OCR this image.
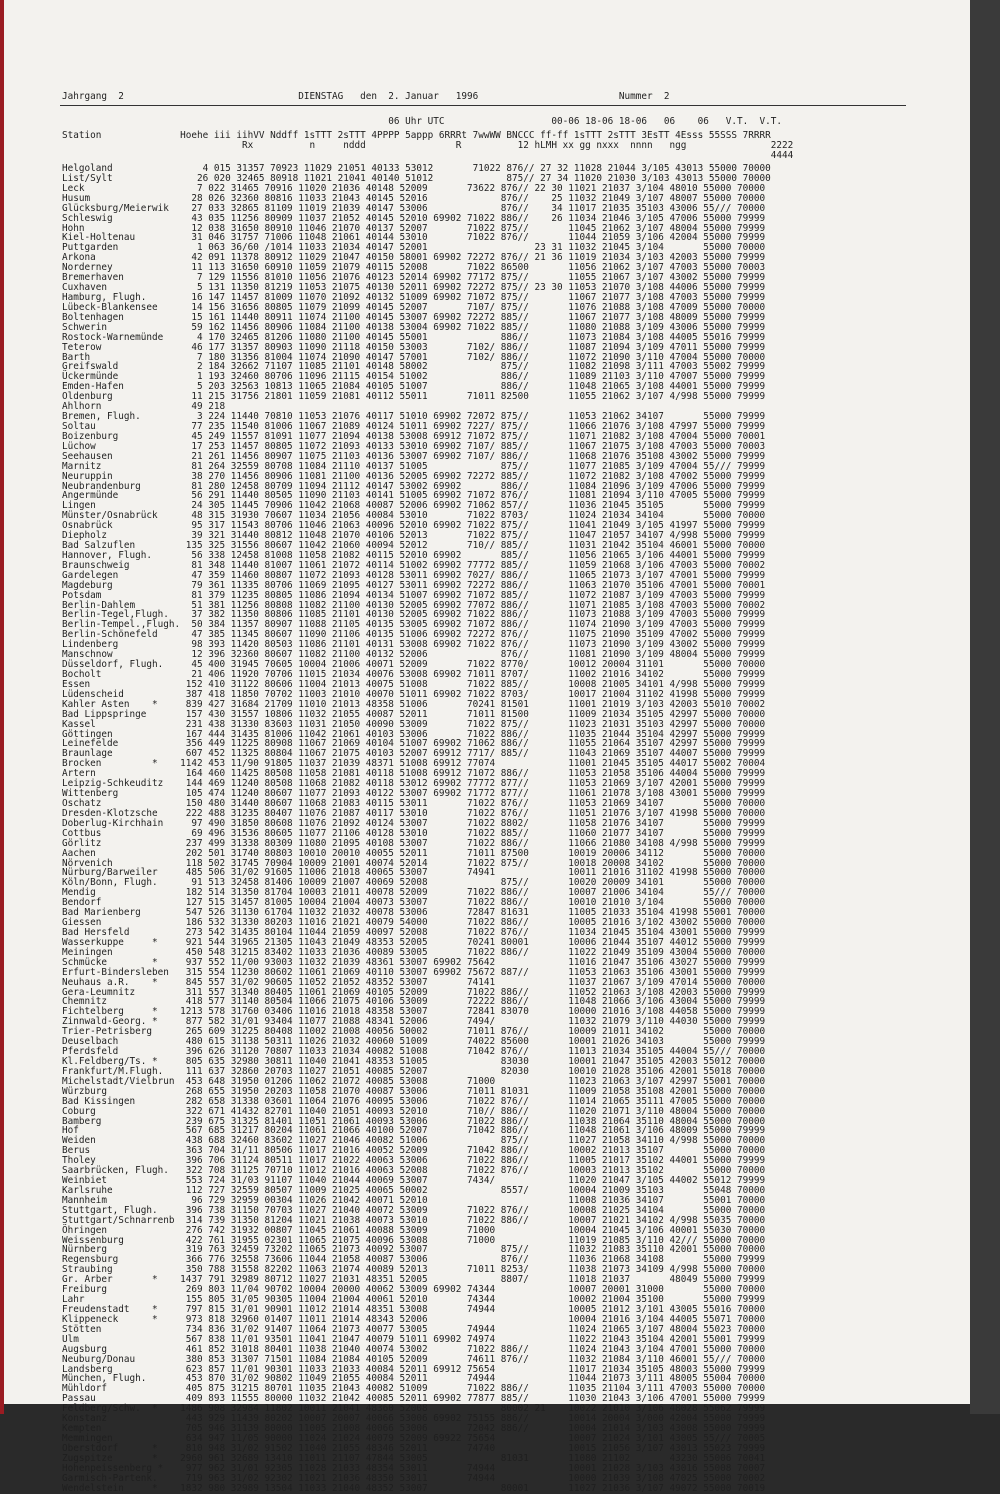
Jahrgang  2                               DIENSTAG   den  2. Januar   1996                         Nummer  2
06 Uhr UTC                   00-06 18-06 18-06   06    06   V.T.  V.T.
Station              Hoehe iii iihVV Nddff 1sTTT 2sTTT 4PPPP 5appp 6RRRt 7wwWW BNCCC ff-ff 1sTTT 2sTTT 3EsTT 4Esss 55SSS 7RRRR
Rx          n     nddd                R          12 hLMH xx gg nxxx  nnnn   ngg               2222
4444
Helgoland                4 015 31357 70923 11029 21051 40133 53012       71022 876// 27 32 11028 21044 3/105 43013 55000 70000
List/Sylt               26 020 32465 80918 11021 21041 40140 51012             875// 27 34 11020 21030 3/103 43013 55000 70000
Leck                    7 022 31465 70916 11020 21036 40148 52009       73622 876// 22 30 11021 21037 3/104 48010 55000 70000
Husum                  28 026 32360 80816 11033 21043 40145 52016             876//    25 11032 21049 3/107 48007 55000 70000
Glücksburg/Meierwik    27 033 32865 81109 11019 21039 40147 53006             876//    34 11017 21035 35103 43006 55/// 70000
Schleswig              43 035 11256 80909 11037 21052 40145 52010 69902 71022 886//    26 11034 21046 3/105 47006 55000 79999
Hohn                   12 038 31650 80910 11046 21070 40137 52007       71022 875//       11045 21062 3/107 48004 55000 79999
Kiel-Holtenau          31 046 31757 71006 11048 21061 40144 53010       71022 876//       11044 21059 3/106 42004 55000 79999
Puttgarden              1 063 36/60 /1014 11033 21034 40147 52001                   23 31 11032 21045 3/104       55000 70000
Arkona                 42 091 11378 80912 11029 21047 40150 58001 69902 72272 876// 21 36 11019 21034 3/103 42003 55000 79999
Norderney              11 113 31650 60910 11059 21079 40115 52008       71022 86500       11056 21062 3/107 47003 55000 70003
Bremerhaven             7 129 11556 81010 11056 21076 40123 52014 69902 77172 875//       11055 21067 3/107 43002 55000 79999
Cuxhaven                5 131 11350 81219 11053 21075 40130 52011 69902 72272 875// 23 30 11053 21070 3/108 44006 55000 79999
Hamburg, Flugh.        16 147 11457 81009 11070 21092 40132 51009 69902 71072 875//       11067 21077 3/108 47003 55000 79999
Lübeck-Blankensee      14 156 31656 80805 11079 21099 40145 52007       7107/ 875//       11076 21088 3/108 47009 55000 70000
Boltenhagen            15 161 11440 80911 11074 21100 40145 53007 69902 72272 885//       11067 21077 3/108 48009 55000 79999
Schwerin               59 162 11456 80906 11084 21100 40138 53004 69902 71022 885//       11080 21088 3/109 43006 55000 79999
Rostock-Warnemünde      4 170 32465 81206 11080 21100 40145 55001             886//       11073 21084 3/108 44005 55016 79999
Teterow                46 177 31357 80903 11090 21118 40150 53003       7102/ 886//       11087 21094 3/109 47011 55000 79999
Barth                   7 180 31356 81004 11074 21090 40147 57001       7102/ 886//       11072 21090 3/110 47004 55000 70000
Greifswald              2 184 32662 71107 11085 21101 40148 58002             875//       11082 21098 3/111 47003 55002 79999
Ückermünde              1 193 32460 80706 11096 21115 40154 51002             886//       11089 21103 3/110 47007 55000 79999
Emden-Hafen             5 203 32563 10813 11065 21084 40105 51007             886//       11048 21065 3/108 44001 55000 79999
Oldenburg              11 215 31756 21801 11059 21081 40112 55011       71011 82500       11055 21062 3/107 4/998 55000 79999
Ahlhorn                49 218
Bremen, Flugh.          3 224 11440 70810 11053 21076 40117 51010 69902 72072 875//       11053 21062 34107       55000 79999
Soltau                 77 235 11540 81006 11067 21089 40124 51011 69902 7227/ 875//       11066 21076 3/108 47997 55000 79999
Boizenburg             45 249 11557 81091 11077 21094 40138 53008 69912 71072 875//       11071 21082 3/108 47004 55000 70001
Lüchow                 17 253 11457 80805 11072 21093 40133 53010 69902 7107/ 885//       11067 21075 3/108 47003 55000 70003
Seehausen              21 261 11456 80907 11075 21103 40136 53007 69902 7107/ 886//       11068 21076 35108 43002 55000 79999
Marnitz                81 264 32559 80708 11084 21110 40137 51005             875//       11077 21085 3/109 47004 55/// 79999
Neuruppin              38 270 11456 80906 11081 21100 40136 52005 69902 72272 885//       11072 21082 3/108 47002 55000 79999
Neubrandenburg         81 280 12458 80709 11094 21112 40147 53002 69902       886//       11084 21096 3/109 47006 55000 79999
Angermünde             56 291 11440 80505 11090 21103 40141 51005 69902 71072 876//       11081 21094 3/110 47005 55000 79999
Lingen                 24 305 11445 70906 11042 21068 40087 52006 69902 71062 857//       11036 21045 35105       55000 79999
Münster/Osnabrück      48 315 31930 70607 11034 21056 40084 53010       71022 8703/       11024 21034 34104       55000 70000
Osnabrück              95 317 11543 80706 11046 21063 40096 52010 69902 71022 875//       11041 21049 3/105 41997 55000 79999
Diepholz               39 321 31440 80812 11048 21070 40106 52013       71022 875//       11047 21057 34107 4/998 55000 79999
Bad Salzuflen         135 325 31556 80607 11042 21060 40094 52012       710// 885//       11031 21042 35104 46001 55000 70000
Hannover, Flugh.       56 338 12458 81008 11058 21082 40115 52010 69902       885//       11056 21065 3/106 44001 55000 79999
Braunschweig           81 348 11440 81007 11061 21072 40114 51002 69902 77772 885//       11059 21068 3/106 47003 55000 70002
Gardelegen             47 359 11460 80807 11072 21093 40128 53011 69902 7027/ 886//       11065 21073 3/107 47001 55000 79999
Magdeburg              79 361 11335 80706 11069 21095 40127 53011 69902 72272 886//       11063 21070 35106 47001 55000 70001
Potsdam                81 379 11235 80805 11086 21094 40134 51007 69902 71072 885//       11072 21087 3/109 47003 55000 79999
Berlin-Dahlem          51 381 11256 80808 11082 21100 40130 52005 69902 77072 886//       11071 21085 3/108 47003 55000 70002
Berlin-Tegel,Flugh.    37 382 11350 80806 11085 21101 40130 52005 69902 71022 886//       11073 21088 3/109 47003 55000 79999
Berlin-Tempel.,Flugh.  50 384 11357 80907 11088 21105 40135 53005 69902 71072 886//       11074 21090 3/109 47003 55000 79999
Berlin-Schönefeld      47 385 11345 80607 11090 21106 40135 51006 69902 72272 876//       11075 21090 35109 47002 55000 79999
Lindenberg             98 393 11420 80503 11086 21101 40131 53008 69902 71022 876//       11073 21090 3/109 43002 55000 79999
Manschnow              12 396 32360 80607 11082 21100 40132 52006             876//       11081 21090 3/109 48004 55000 79999
Düsseldorf, Flugh.     45 400 31945 70605 10004 21006 40071 52009       71022 8770/       10012 20004 31101       55000 70000
Bocholt                21 406 11920 70706 11015 21034 40076 53008 69902 71011 8707/       11002 21016 34102       55000 79999
Essen                 152 410 31122 80606 11004 21013 40075 51008       71022 885//       10008 21005 34101 4/998 55000 79999
Lüdenscheid           387 418 11850 70702 11003 21010 40070 51011 69902 71022 8703/       10017 21004 31102 41998 55000 79999
Kahler Asten    *     839 427 31684 21709 11010 21013 48358 51006       70241 81501       11001 21019 3/103 42003 55010 70002
Bad Lippspringe       157 430 31557 10806 11032 21055 40087 52011       71011 81500       11009 21034 35105 42997 55000 70000
Kassel                231 438 31330 83603 11031 21050 40090 53009       71022 875//       11023 21031 35103 42997 55000 70000
Göttingen             167 444 31435 81006 11042 21061 40103 53006       71022 886//       11035 21044 35104 42997 55000 79999
Leinefelde            356 449 11225 80908 11067 21069 40104 51007 69902 71062 886//       11055 21064 35107 42997 55000 79999
Braunlage             607 452 11325 80804 11067 21075 40103 52007 69912 7717/ 885//       11043 21069 35107 44007 55000 79999
Brocken         *    1142 453 11/90 91805 11037 21039 48371 51008 69912 77074             11001 21045 35105 44017 55002 70004
Artern                164 460 11425 80508 11058 21081 40118 51008 69912 71072 886//       11053 21058 35106 44004 55000 79999
Leipzig-Schkeuditz    144 469 11240 80508 11068 21082 40118 53012 69902 77772 877//       11053 21069 3/107 42001 55000 79999
Wittenberg            105 474 11240 80607 11077 21093 40122 53007 69902 71772 877//       11061 21078 3/108 43001 55000 79999
Oschatz               150 480 31440 80607 11068 21083 40115 53011       71022 876//       11053 21069 34107       55000 70000
Dresden-Klotzsche     222 488 31235 80407 11076 21087 40117 53010       71022 876//       11051 21076 3/107 41998 55000 70000
Doberlug-Kirchhain     97 490 31850 80608 11076 21092 40124 53007       71022 8802/       11058 21076 34107       55000 79999
Cottbus                69 496 31536 80605 11077 21106 40128 53010       71022 885//       11060 21077 34107       55000 79999
Görlitz               237 499 31338 80309 11080 21095 40108 53007       71022 886//       11066 21080 34108 4/998 55000 79999
Aachen                202 501 31740 80803 10010 20010 40055 52011       71011 87500       10019 20006 34112       55000 70000
Nörvenich             118 502 31745 70904 10009 21001 40074 52014       71022 875//       10018 20008 34102       55000 70000
Nürburg/Barweiler     485 506 31/02 91605 11006 21018 40065 53007       74941             10011 21016 31102 41998 55000 70000
Köln/Bonn, Flugh.      91 513 32458 81406 10009 21007 40069 52008             875//       10020 20009 34101       55000 70000
Mendig                182 514 31350 81704 10003 21011 40078 52009       71022 886//       10007 21006 34104       55/// 70000
Bendorf               127 515 31457 81005 10004 21004 40073 53007       71022 886//       10010 21010 3/104       55000 70000
Bad Marienberg        547 526 31130 61704 11032 21032 40078 53006       72847 81631       11005 21033 35104 41998 55001 70000
Giessen               186 532 31330 80203 11016 21021 40079 54000       71022 886//       10005 21016 3/102 43002 55000 70000
Bad Hersfeld          273 542 31435 80104 11044 21059 40097 52008       71022 876//       11034 21045 35104 43001 55000 79999
Wasserkuppe     *     921 544 31965 21305 11043 21049 48353 52005       70241 80001       10006 21044 35107 44012 55000 79999
Meiningen             450 548 31215 83402 11033 21036 40089 53005       71022 886//       11022 21049 35109 43004 55000 70000
Schmücke        *     937 552 11/00 93003 11032 21039 48361 53007 69902 75642             11016 21047 35106 43027 55000 79999
Erfurt-Bindersleben   315 554 11230 80602 11061 21069 40110 53007 69902 75672 887//       11053 21063 35106 43001 55000 79999
Neuhaus a.R.    *     845 557 31/02 90605 11052 21052 48352 53007       74141             11037 21067 3/109 47014 55000 70000
Gera-Leumnitz         311 557 31340 80405 11061 21069 40105 52009       71022 886//       11052 21063 3/108 42003 55000 79999
Chemnitz              418 577 31140 80504 11066 21075 40106 53009       72222 886//       11048 21066 3/106 43004 55000 79999
Fichtelberg     *    1213 578 31760 03406 11016 21018 48358 53007       72841 83070       10000 21016 3/108 44058 55000 79999
Zinnwald-Georg. *     877 582 31/01 93404 11077 21088 48341 52006       7494/             11032 21079 3/110 44030 55000 79999
Trier-Petrisberg      265 609 31225 80408 11002 21008 40056 50002       71011 876//       10009 21011 34102       55000 70000
Deuselbach            480 615 31138 50311 11026 21032 40060 51009       74022 85600       10001 21026 34103       55000 79999
Pferdsfeld            396 626 31120 70807 11033 21034 40082 51008       71042 876//       11013 21034 35105 44004 55/// 70000
Kl.Feldberg/Ts. *     805 635 32980 30811 11040 21041 48353 51005             83030       10001 21047 35105 42003 55012 70000
Frankfurt/M.Flugh.    111 637 32860 20703 11027 21051 40085 52007             82030       10010 21028 35106 42001 55018 70000
Michelstadt/Vielbrun  453 648 31950 01206 11062 21072 40085 53008       71000             11023 21063 3/107 42997 55001 70000
Würzburg              268 655 31950 20203 11058 21070 40087 53006       71011 81031       11009 21058 35108 42001 55000 70000
Bad Kissingen         282 658 31338 03601 11064 21076 40095 53006       71022 876//       11014 21065 35111 47005 55000 70000
Coburg                322 671 41432 82701 11040 21051 40093 52010       710// 886//       11020 21071 3/110 48004 55000 70000
Bamberg               239 675 31325 81401 11051 21061 40093 53006       71022 886//       11038 21064 35110 48004 55000 70000
Hof                   567 685 31217 80204 11061 21066 40100 52007       71042 886//       11048 21061 3/106 48009 55000 79999
Weiden                438 688 32460 83602 11027 21046 40082 51006             875//       11027 21058 34110 4/998 55000 70000
Berus                 363 704 31/11 80506 11017 21016 40052 52009       71042 886//       10002 21013 35107       55000 70000
Tholey                396 706 31124 80511 11017 21022 40063 53006       71022 886//       11005 21017 35102 44001 55000 79999
Saarbrücken, Flugh.   322 708 31125 70710 11012 21016 40063 52008       71022 876//       10003 21013 35102       55000 70000
Weinbiet              553 724 31/03 91107 11040 21044 40069 53007       7434/             11020 21047 3/105 44002 55012 79999
Karlsruhe             112 727 32559 80507 11009 21025 40065 50002             8557/       10004 21009 35103       55048 70000
Mannheim               96 729 32959 00304 11026 21042 40071 52010                         11008 21036 34107       55001 70000
Stuttgart, Flugh.     396 738 31150 70703 11027 21040 40072 53009       71022 876//       10008 21025 34104       55000 70000
Stuttgart/Schnarrenb  314 739 31350 81204 11021 21038 40073 53010       71022 886//       10007 21021 34102 4/998 55035 70000
Öhringen              276 742 31932 00807 11045 21061 40088 53009       71000             10004 21045 3/106 40001 55030 70000
Weissenburg           422 761 31955 02301 11065 21075 40096 53008       71000             11019 21085 3/110 42/// 55000 70000
Nürnberg              319 763 32459 73202 11065 21073 40092 53007             875//       11032 21083 35110 42001 55000 70000
Regensburg            366 776 32558 73606 11044 21058 40087 53006             876//       11036 21068 34108       55000 79999
Straubing             350 788 31558 82202 11063 21074 40089 52013       71011 8253/       11038 21073 34109 4/998 55000 70000
Gr. Arber       *    1437 791 32989 80712 11027 21031 48351 52005             8807/       11018 21037       48049 55000 79999
Freiburg              269 803 11/04 90702 10004 20000 40062 53009 69902 74344             10007 20001 31000       55000 70000
Lahr                  155 805 31/05 90305 11004 21004 40061 52010       74344             10002 21004 35100       55000 79999
Freudenstadt    *     797 815 31/01 90901 11012 21014 48351 53008       74944             10005 21012 3/101 43005 55016 70000
Klippeneck      *     973 818 32960 01407 11011 21014 48343 52006                         10004 21016 3/104 44005 55071 70000
Stötten               734 836 31/02 91407 11064 21073 40077 53005       74944             11024 21065 3/107 48004 55023 70000
Ulm                   567 838 11/01 93501 11041 21047 40079 51011 69902 74974             11022 21043 35104 42001 55001 79999
Augsburg              461 852 31018 80401 11038 21040 40074 53002       71022 886//       11024 21043 3/104 47001 55000 70000
Neuburg/Donau         380 853 31307 71501 11084 21084 40105 52009       74611 876//       11032 21084 3/110 46001 55/// 70000
Landsberg             623 857 11/01 90301 11033 21033 40084 52011 69912 75654             11017 21034 35105 48003 55000 79999
München, Flugh.       453 870 31/02 90802 11049 21055 40084 52011       74944             11044 21073 3/111 48005 55004 70000
Mühldorf              405 875 31215 80701 11035 21043 40082 51009       71022 886//       11035 21104 3/111 47003 55000 70000
Passau                409 893 11555 80000 11032 21042 40085 52011 69902 77877 885//       11030 21043 3/106 47001 55000 79999
Feldberg/Schw.  *    1486 908 32984 11802 10011 21041 48360 52008             80002 21    10022 21010 3/106 48028 55062 79999
Konstanz              443 929 11439 80202 10007 20007 40066 53006 69902 75155 886//       10014 20004 3/000 42004 55000 79999
Kempten               705 946 31139 80000 11005 21008 40066 53006       72042 886//       10004 21014 3/103 43008 55000 79999
Memmingen             634 947 11/05 90000 11024 21024 40079 52009 69922 75654             10007 21024 3/101 43005 55/// 70005
Oberstdorf      *     810 948 31/02 91502 11040 21055 48346 52011       74740             10015 21056 3/107 43013 55023 79999
Zugspitze       *    2960 961 32689 13410 11011 21107 47844 53005             81031       11080 21102       43230 55006 70041
Hohenpeissenberg *    977 962 31/01 92305 11028 21033 48354 53011       74944             10001 21028 3/103 43016 55008 70007
Garmisch-Partenk.     719 963 31/02 92302 11021 21036 48350 53011       74944             10000 21039 3/108 47025 55000 70002
Wendelstein     *    1832 980 32989 13504 11033 21040 48352 53007             80001       11027 21036 3/107 49072 55000 70019
